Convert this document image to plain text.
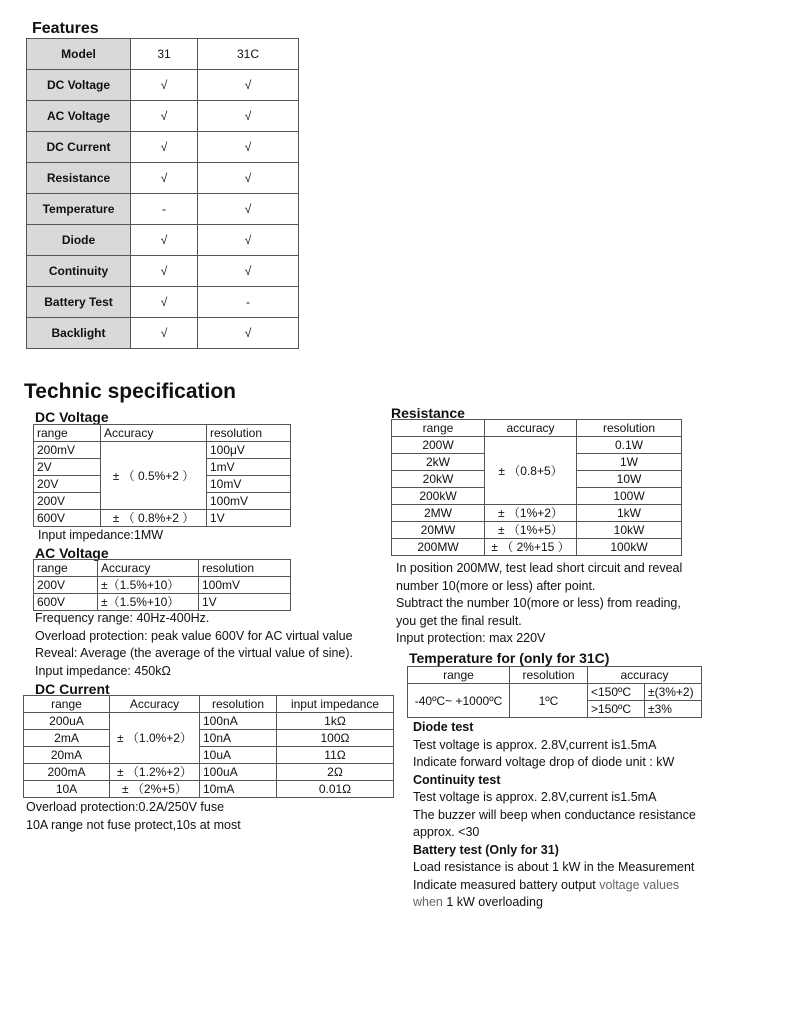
Features
Model	31	31C
DC Voltage	√	√
AC Voltage	√	√
DC Current	√	√
Resistance	√	√
Temperature	-	√
Diode	√	√
Continuity	√	√
Battery Test	√	-
Backlight	√	√
Technic specification
DC Voltage
range	Accuracy	resolution
200mV	± （ 0.5%+2 ）	100μV
2V		1mV
20V		10mV
200V		100mV
600V	± （ 0.8%+2 ）	1V
Input impedance:1MW
AC Voltage
range	Accuracy	resolution
200V	±（1.5%+10）	100mV
600V	±（1.5%+10）	1V
Frequency range: 40Hz-400Hz.
Overload protection: peak value 600V for AC virtual value
Reveal: Average (the average of the virtual value of sine).
Input impedance: 450kΩ
DC Current
range	Accuracy	resolution	input impedance
200uA	± （1.0%+2）	100nA	1kΩ
2mA		10nA	100Ω
20mA		10uA	11Ω
200mA	± （1.2%+2）	100uA	2Ω
10A	± （2%+5）	10mA	0.01Ω
Overload protection:0.2A/250V fuse
10A range not fuse protect,10s at most
Resistance
range	accuracy	resolution
200W	± （0.8+5）	0.1W
2kW		1W
20kW		10W
200kW		100W
2MW	± （1%+2）	1kW
20MW	± （1%+5）	10kW
200MW	± （ 2%+15 ）	100kW
In position 200MW, test lead short circuit and reveal
number 10(more or less) after point.
Subtract the number 10(more or less) from reading,
you get the final result.
Input protection: max 220V
Temperature for (only for 31C)
range	resolution	accuracy	
-40ºC~ +1000ºC	1ºC	<150ºC	±(3%+2)
		>150ºC	±3%
Diode test
Test voltage is approx. 2.8V,current is1.5mA
Indicate forward voltage drop of diode unit : kW
Continuity test
Test voltage is approx. 2.8V,current is1.5mA
The buzzer will beep when conductance resistance
approx. <30
Battery test (Only for 31)
Load resistance is about 1 kW in the Measurement
Indicate measured battery output voltage values
when 1 kW overloading
